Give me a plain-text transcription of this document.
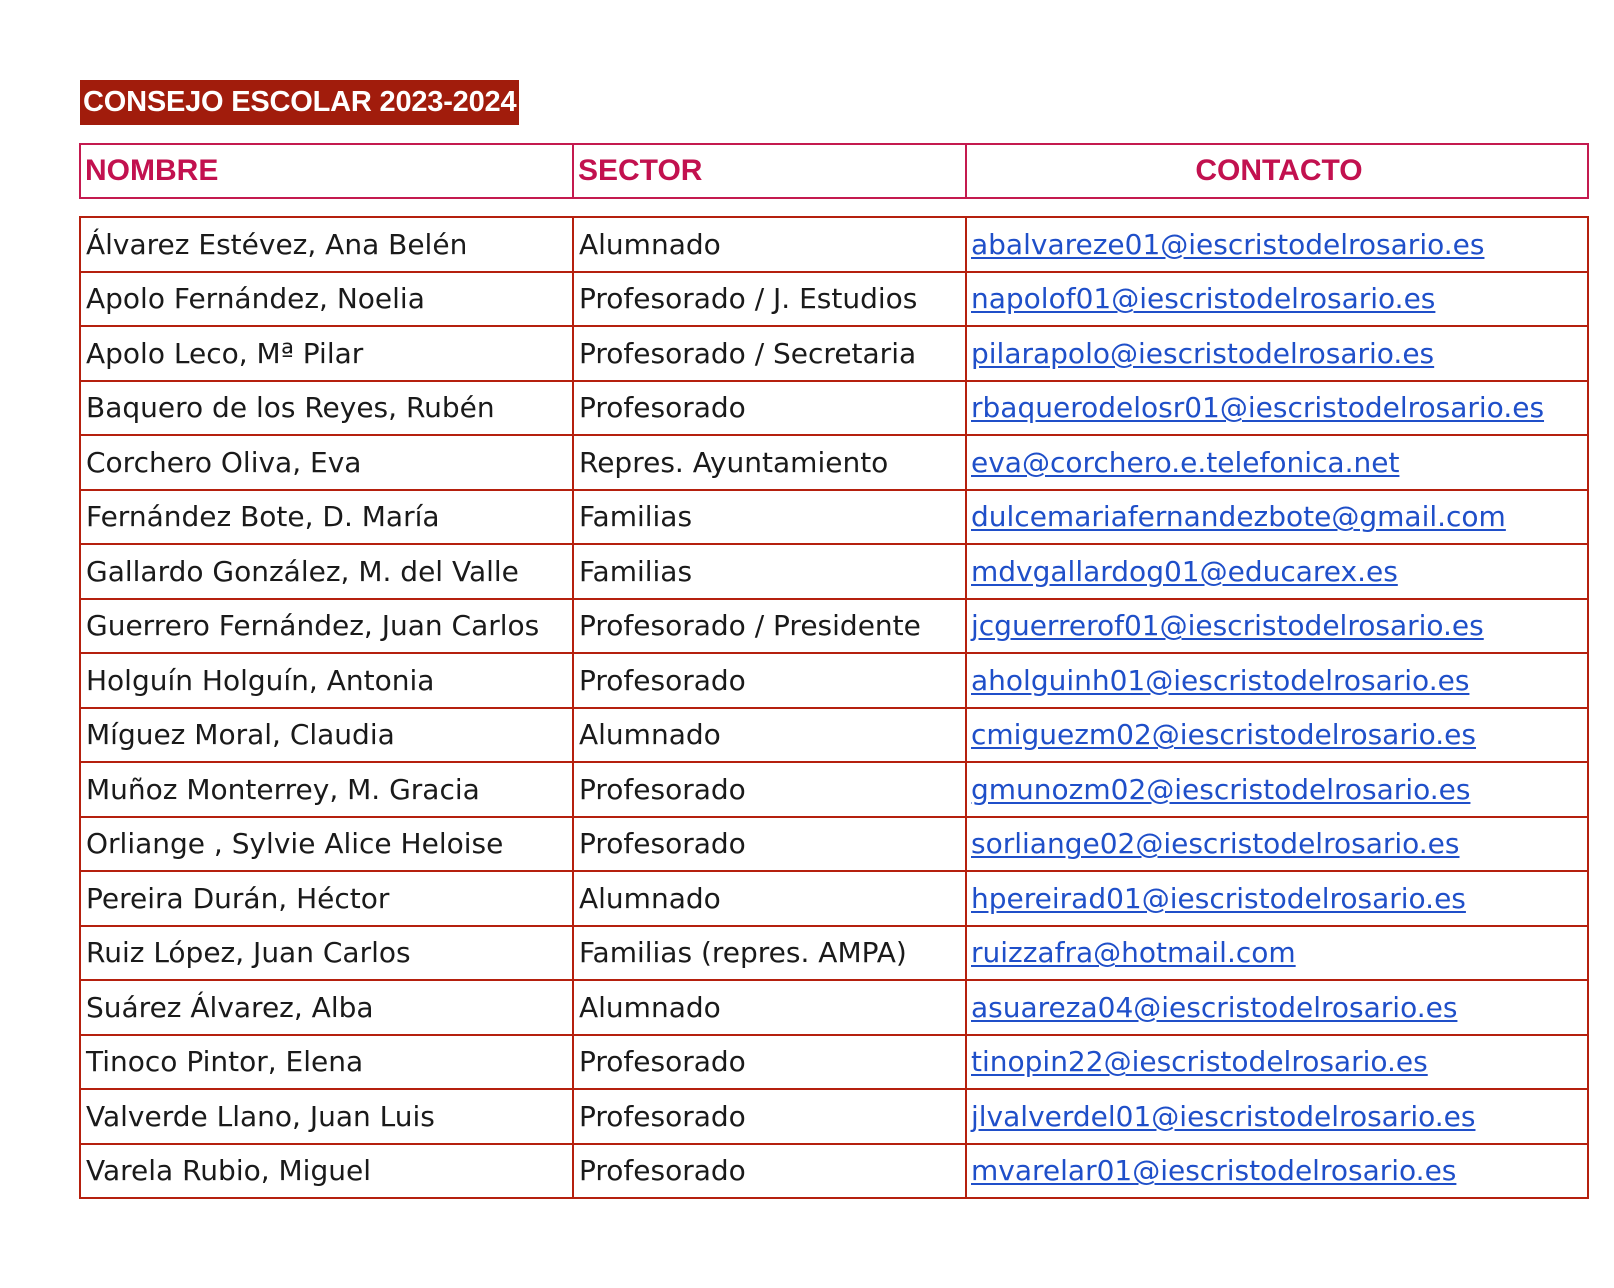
CONSEJO ESCOLAR 2023-2024
NOMBRE	SECTOR	CONTACTO
Álvarez Estévez, Ana Belén	Alumnado	abalvareze01@iescristodelrosario.es
Apolo Fernández, Noelia	Profesorado / J. Estudios	napolof01@iescristodelrosario.es
Apolo Leco, Mª Pilar	Profesorado / Secretaria	pilarapolo@iescristodelrosario.es
Baquero de los Reyes, Rubén	Profesorado	rbaquerodelosr01@iescristodelrosario.es
Corchero Oliva, Eva	Repres. Ayuntamiento	eva@corchero.e.telefonica.net
Fernández Bote, D. María	Familias	dulcemariafernandezbote@gmail.com
Gallardo González, M. del Valle	Familias	mdvgallardog01@educarex.es
Guerrero Fernández, Juan Carlos	Profesorado / Presidente	jcguerrerof01@iescristodelrosario.es
Holguín Holguín, Antonia	Profesorado	aholguinh01@iescristodelrosario.es
Míguez Moral, Claudia	Alumnado	cmiguezm02@iescristodelrosario.es
Muñoz Monterrey, M. Gracia	Profesorado	gmunozm02@iescristodelrosario.es
Orliange , Sylvie Alice Heloise	Profesorado	sorliange02@iescristodelrosario.es
Pereira Durán, Héctor	Alumnado	hpereirad01@iescristodelrosario.es
Ruiz López, Juan Carlos	Familias (repres. AMPA)	ruizzafra@hotmail.com
Suárez Álvarez, Alba	Alumnado	asuareza04@iescristodelrosario.es
Tinoco Pintor, Elena	Profesorado	tinopin22@iescristodelrosario.es
Valverde Llano, Juan Luis	Profesorado	jlvalverdel01@iescristodelrosario.es
Varela Rubio, Miguel	Profesorado	mvarelar01@iescristodelrosario.es
